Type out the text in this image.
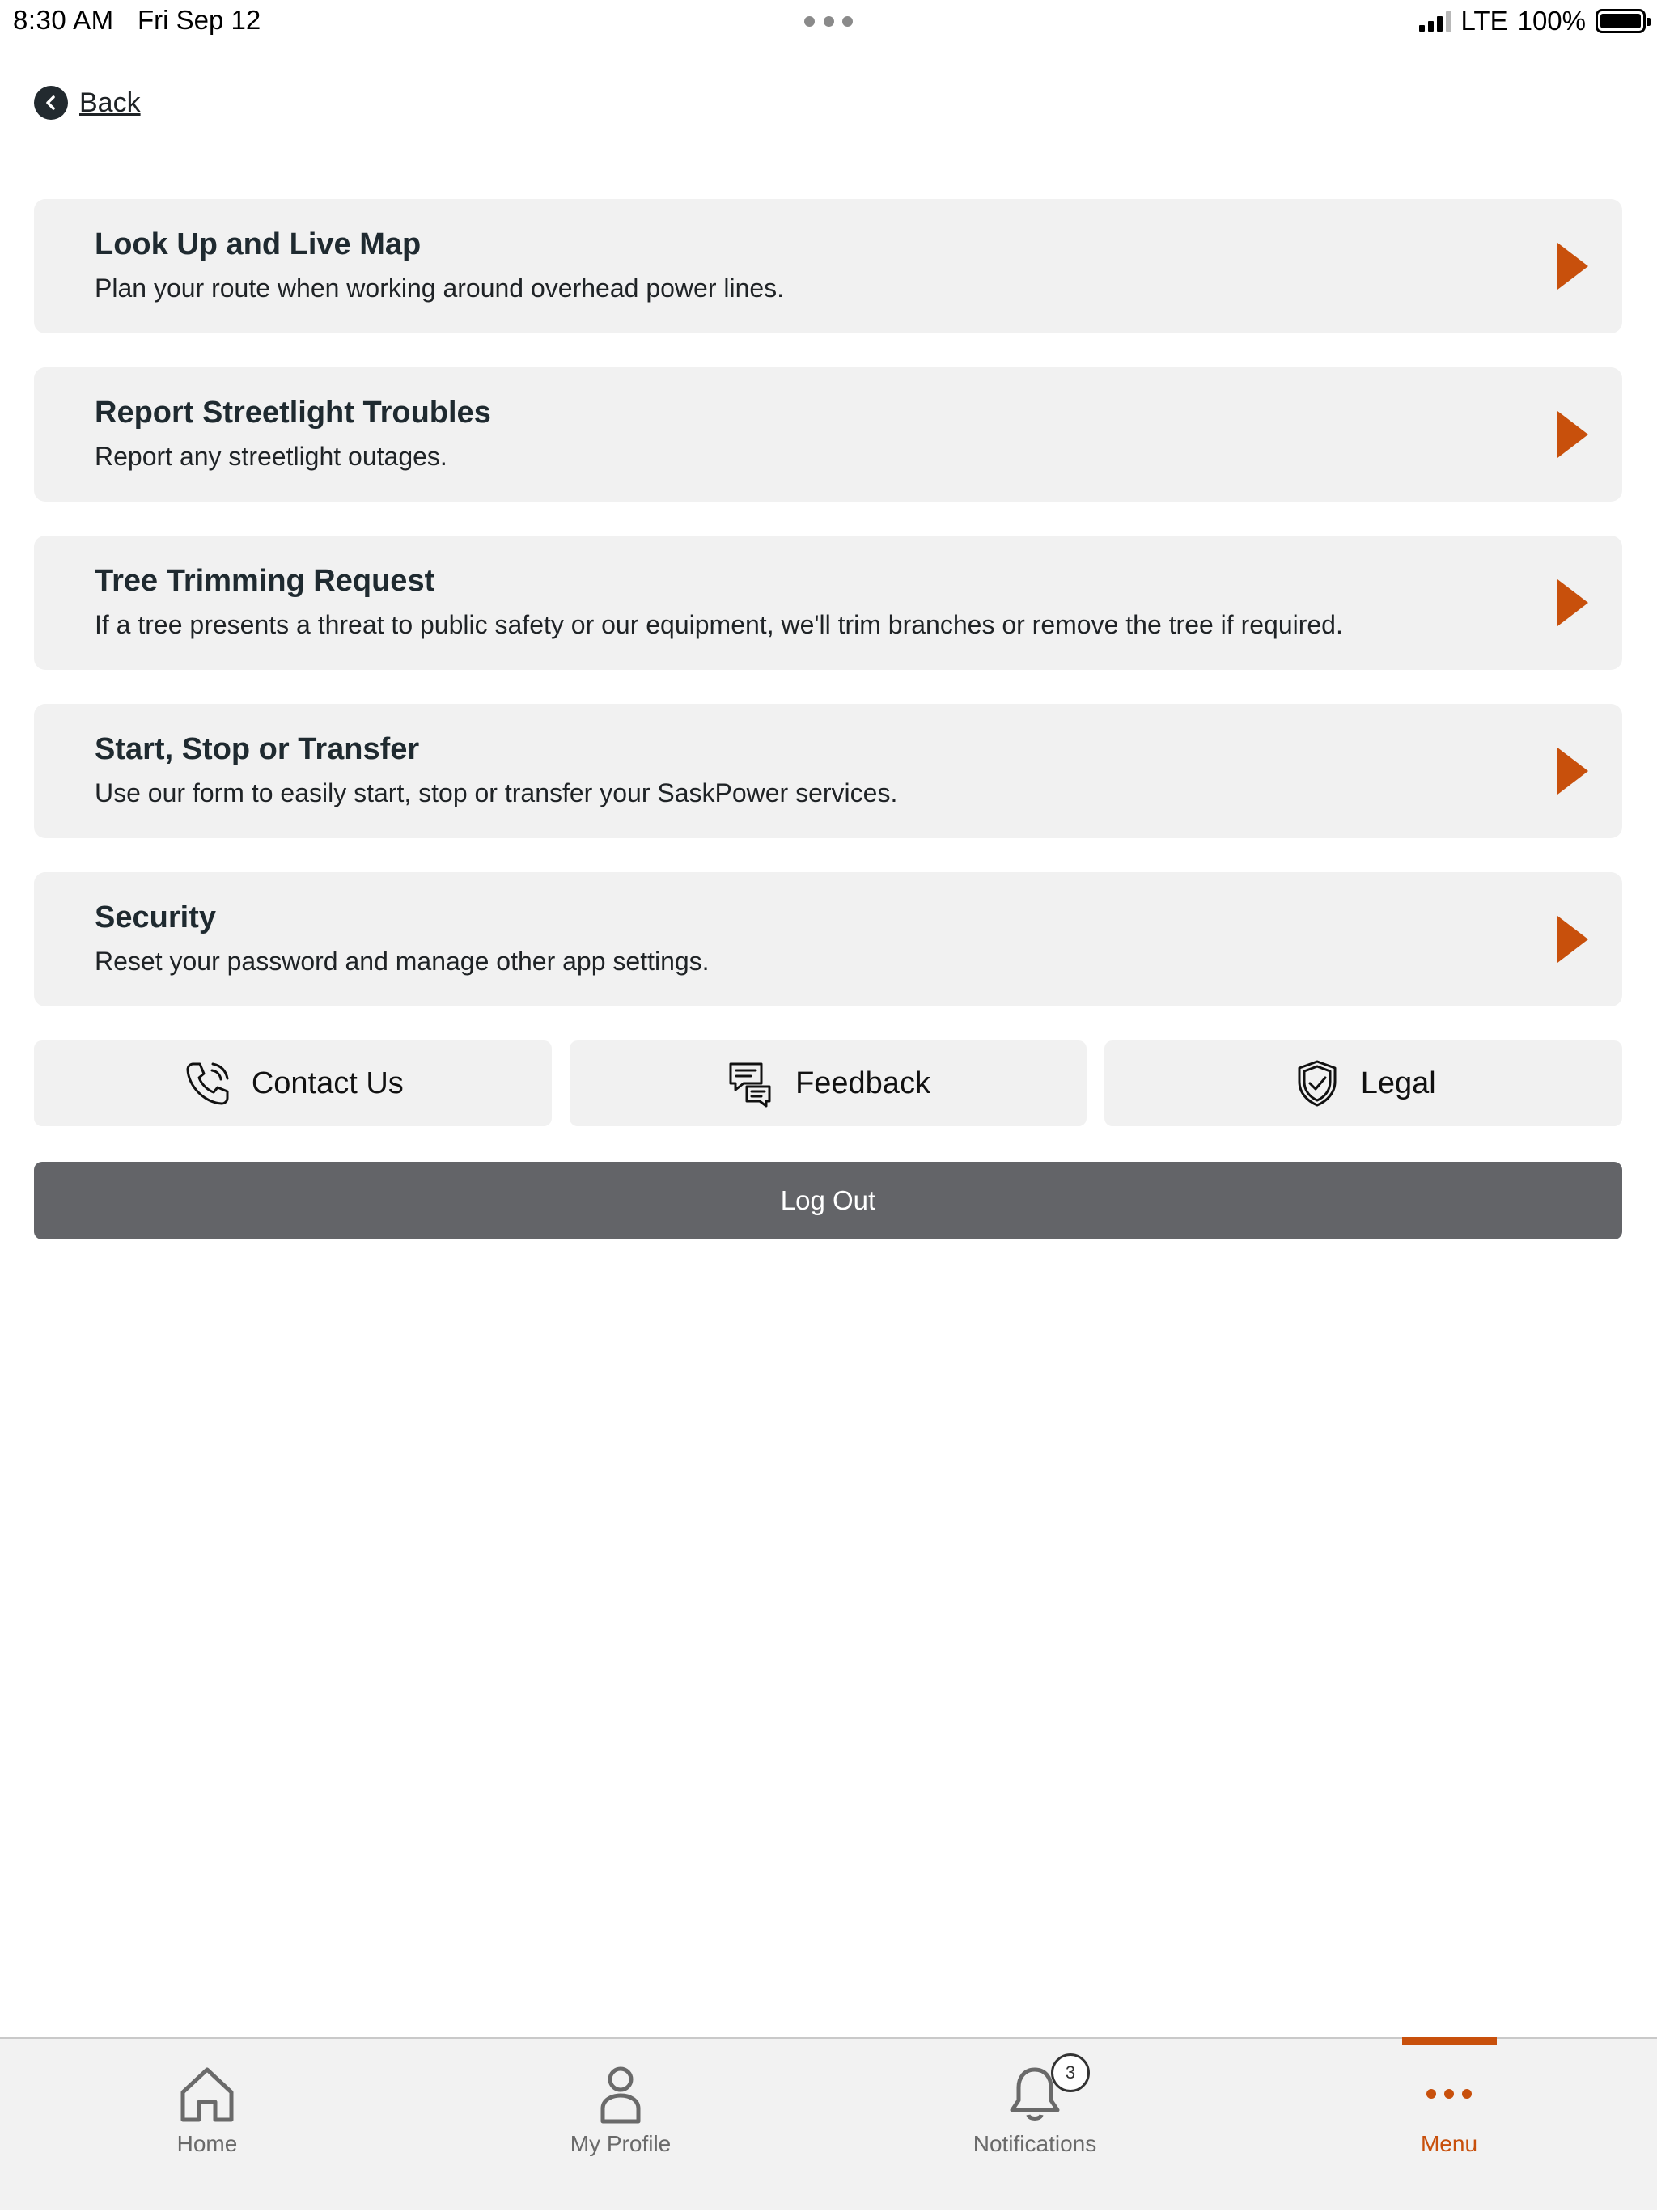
8:30 AM Fri Sep 12	LTE 100%
Back
Look Up and Live Map
Plan your route when working around overhead power lines.
Report Streetlight Troubles
Report any streetlight outages.
Tree Trimming Request
If a tree presents a threat to public safety or our equipment, we'll trim branches or remove the tree if required.
Start, Stop or Transfer
Use our form to easily start, stop or transfer your SaskPower services.
Security
Reset your password and manage other app settings.
Contact Us	Feedback	Legal
Log Out
Home	My Profile
3
Notifications	Menu
